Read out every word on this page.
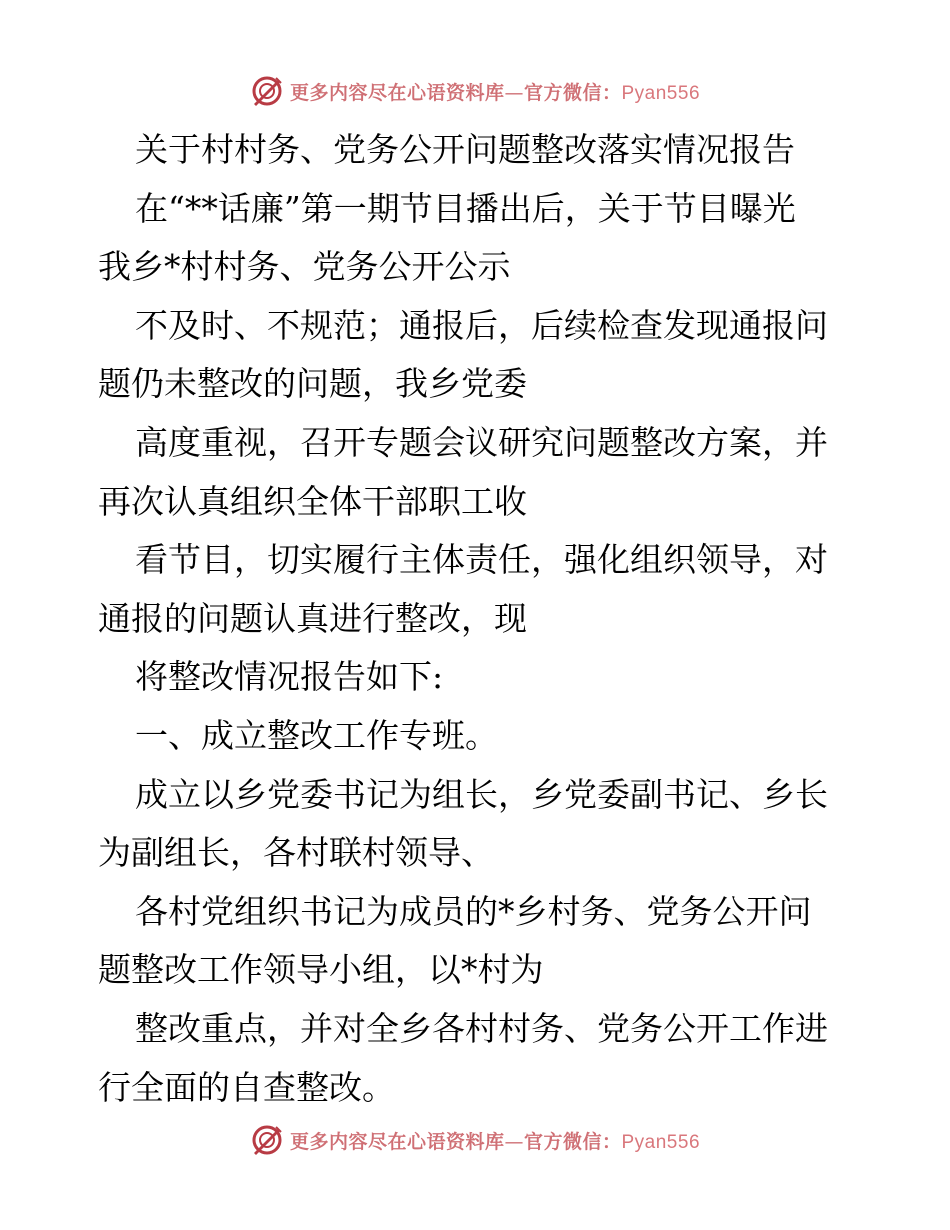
更多内容尽在心语资料库—官方微信：Pyan556
关于村村务、党务公开问题整改落实情况报告
在“**话廉”第一期节目播出后，关于节目曝光
我乡*村村务、党务公开公示
不及时、不规范；通报后，后续检查发现通报问
题仍未整改的问题，我乡党委
高度重视，召开专题会议研究问题整改方案，并
再次认真组织全体干部职工收
看节目，切实履行主体责任，强化组织领导，对
通报的问题认真进行整改，现
将整改情况报告如下:
一、成立整改工作专班。
成立以乡党委书记为组长，乡党委副书记、乡长
为副组长，各村联村领导、
各村党组织书记为成员的*乡村务、党务公开问
题整改工作领导小组，以*村为
整改重点，并对全乡各村村务、党务公开工作进
行全面的自查整改。
更多内容尽在心语资料库—官方微信：Pyan556
